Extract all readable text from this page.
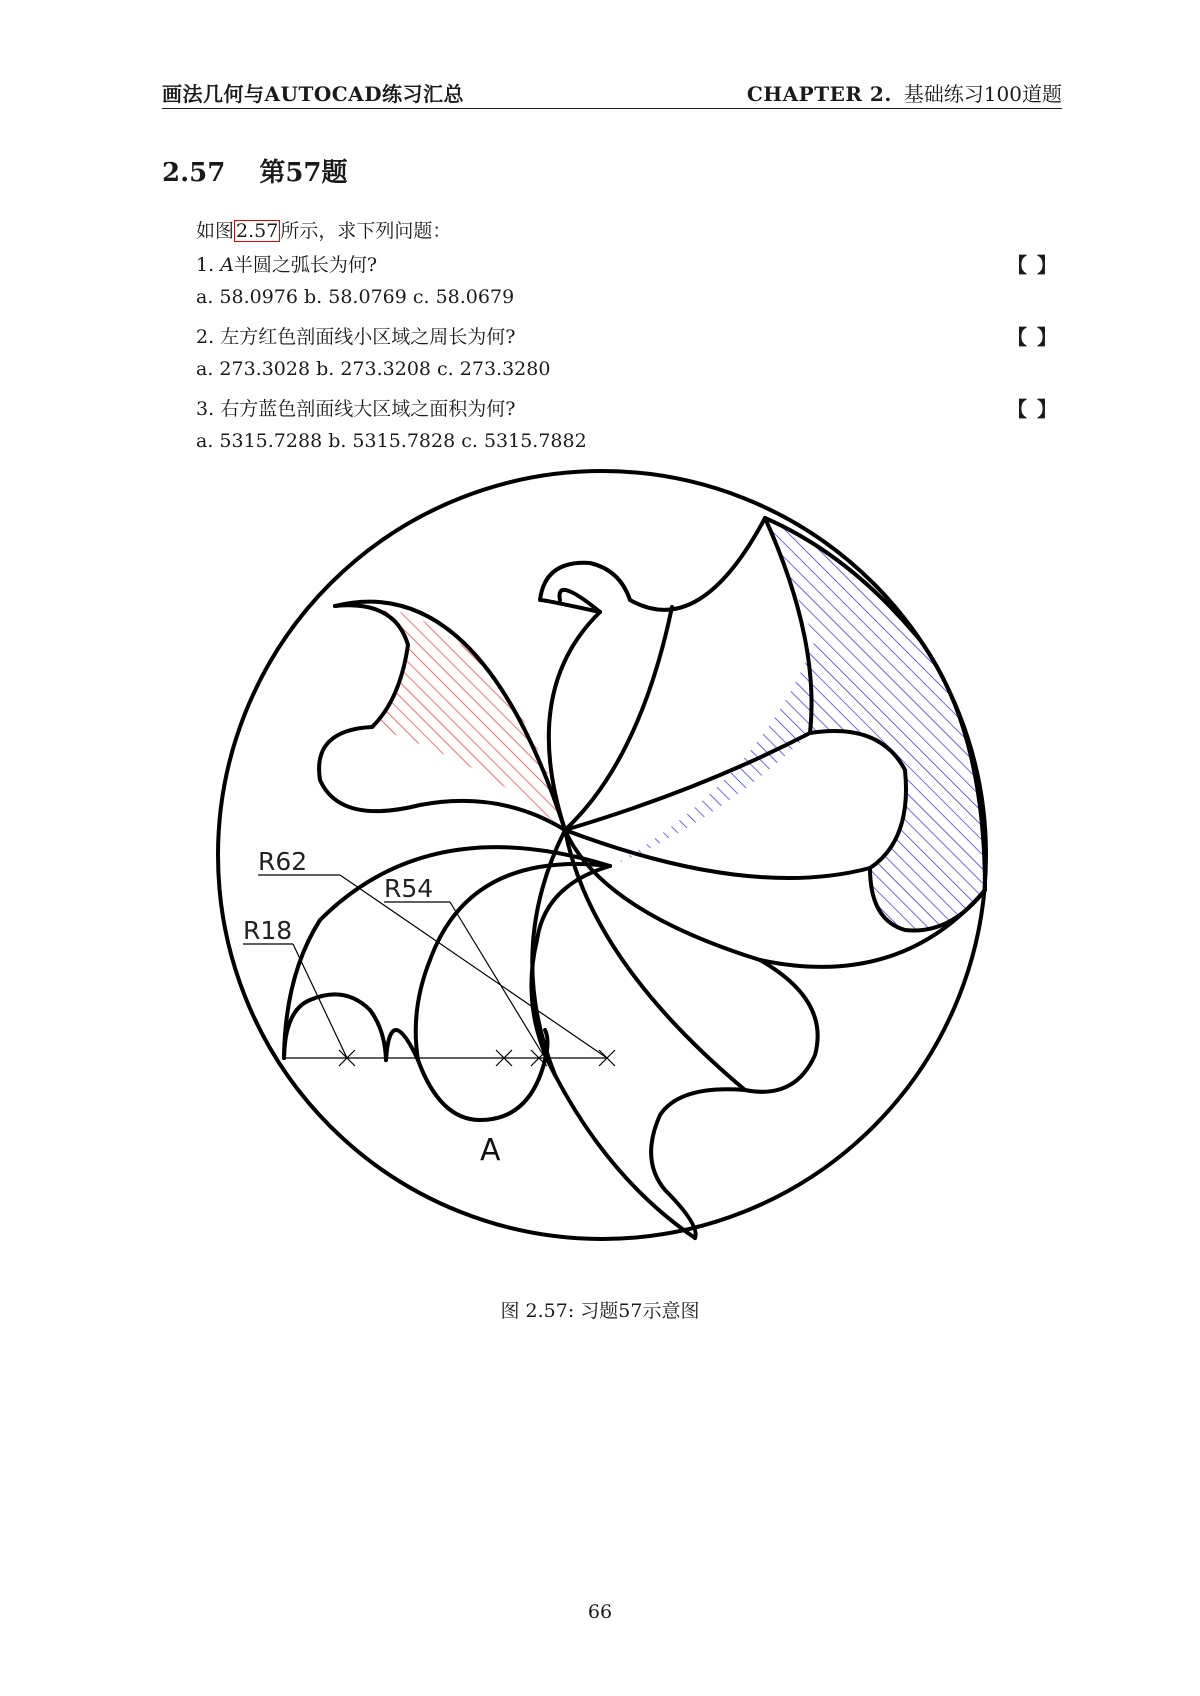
画法几何与AUTOCAD练习汇总	CHAPTER 2. 基础练习100道题
2.57 第57题
如图 2.57 所示，求下列问题：
1. A半圆之弧长为何?	【】
a. 58.0976 b. 58.0769 c. 58.0679
2. 左方红色剖面线小区域之周长为何?	【】
a. 273.3028 b. 273.3208 c. 273.3280
3. 右方蓝色剖面线大区域之面积为何?	【】
a. 5315.7288 b. 5315.7828 c. 5315.7882
R62
R54
R18
A
图 2.57: 习题57示意图
66
